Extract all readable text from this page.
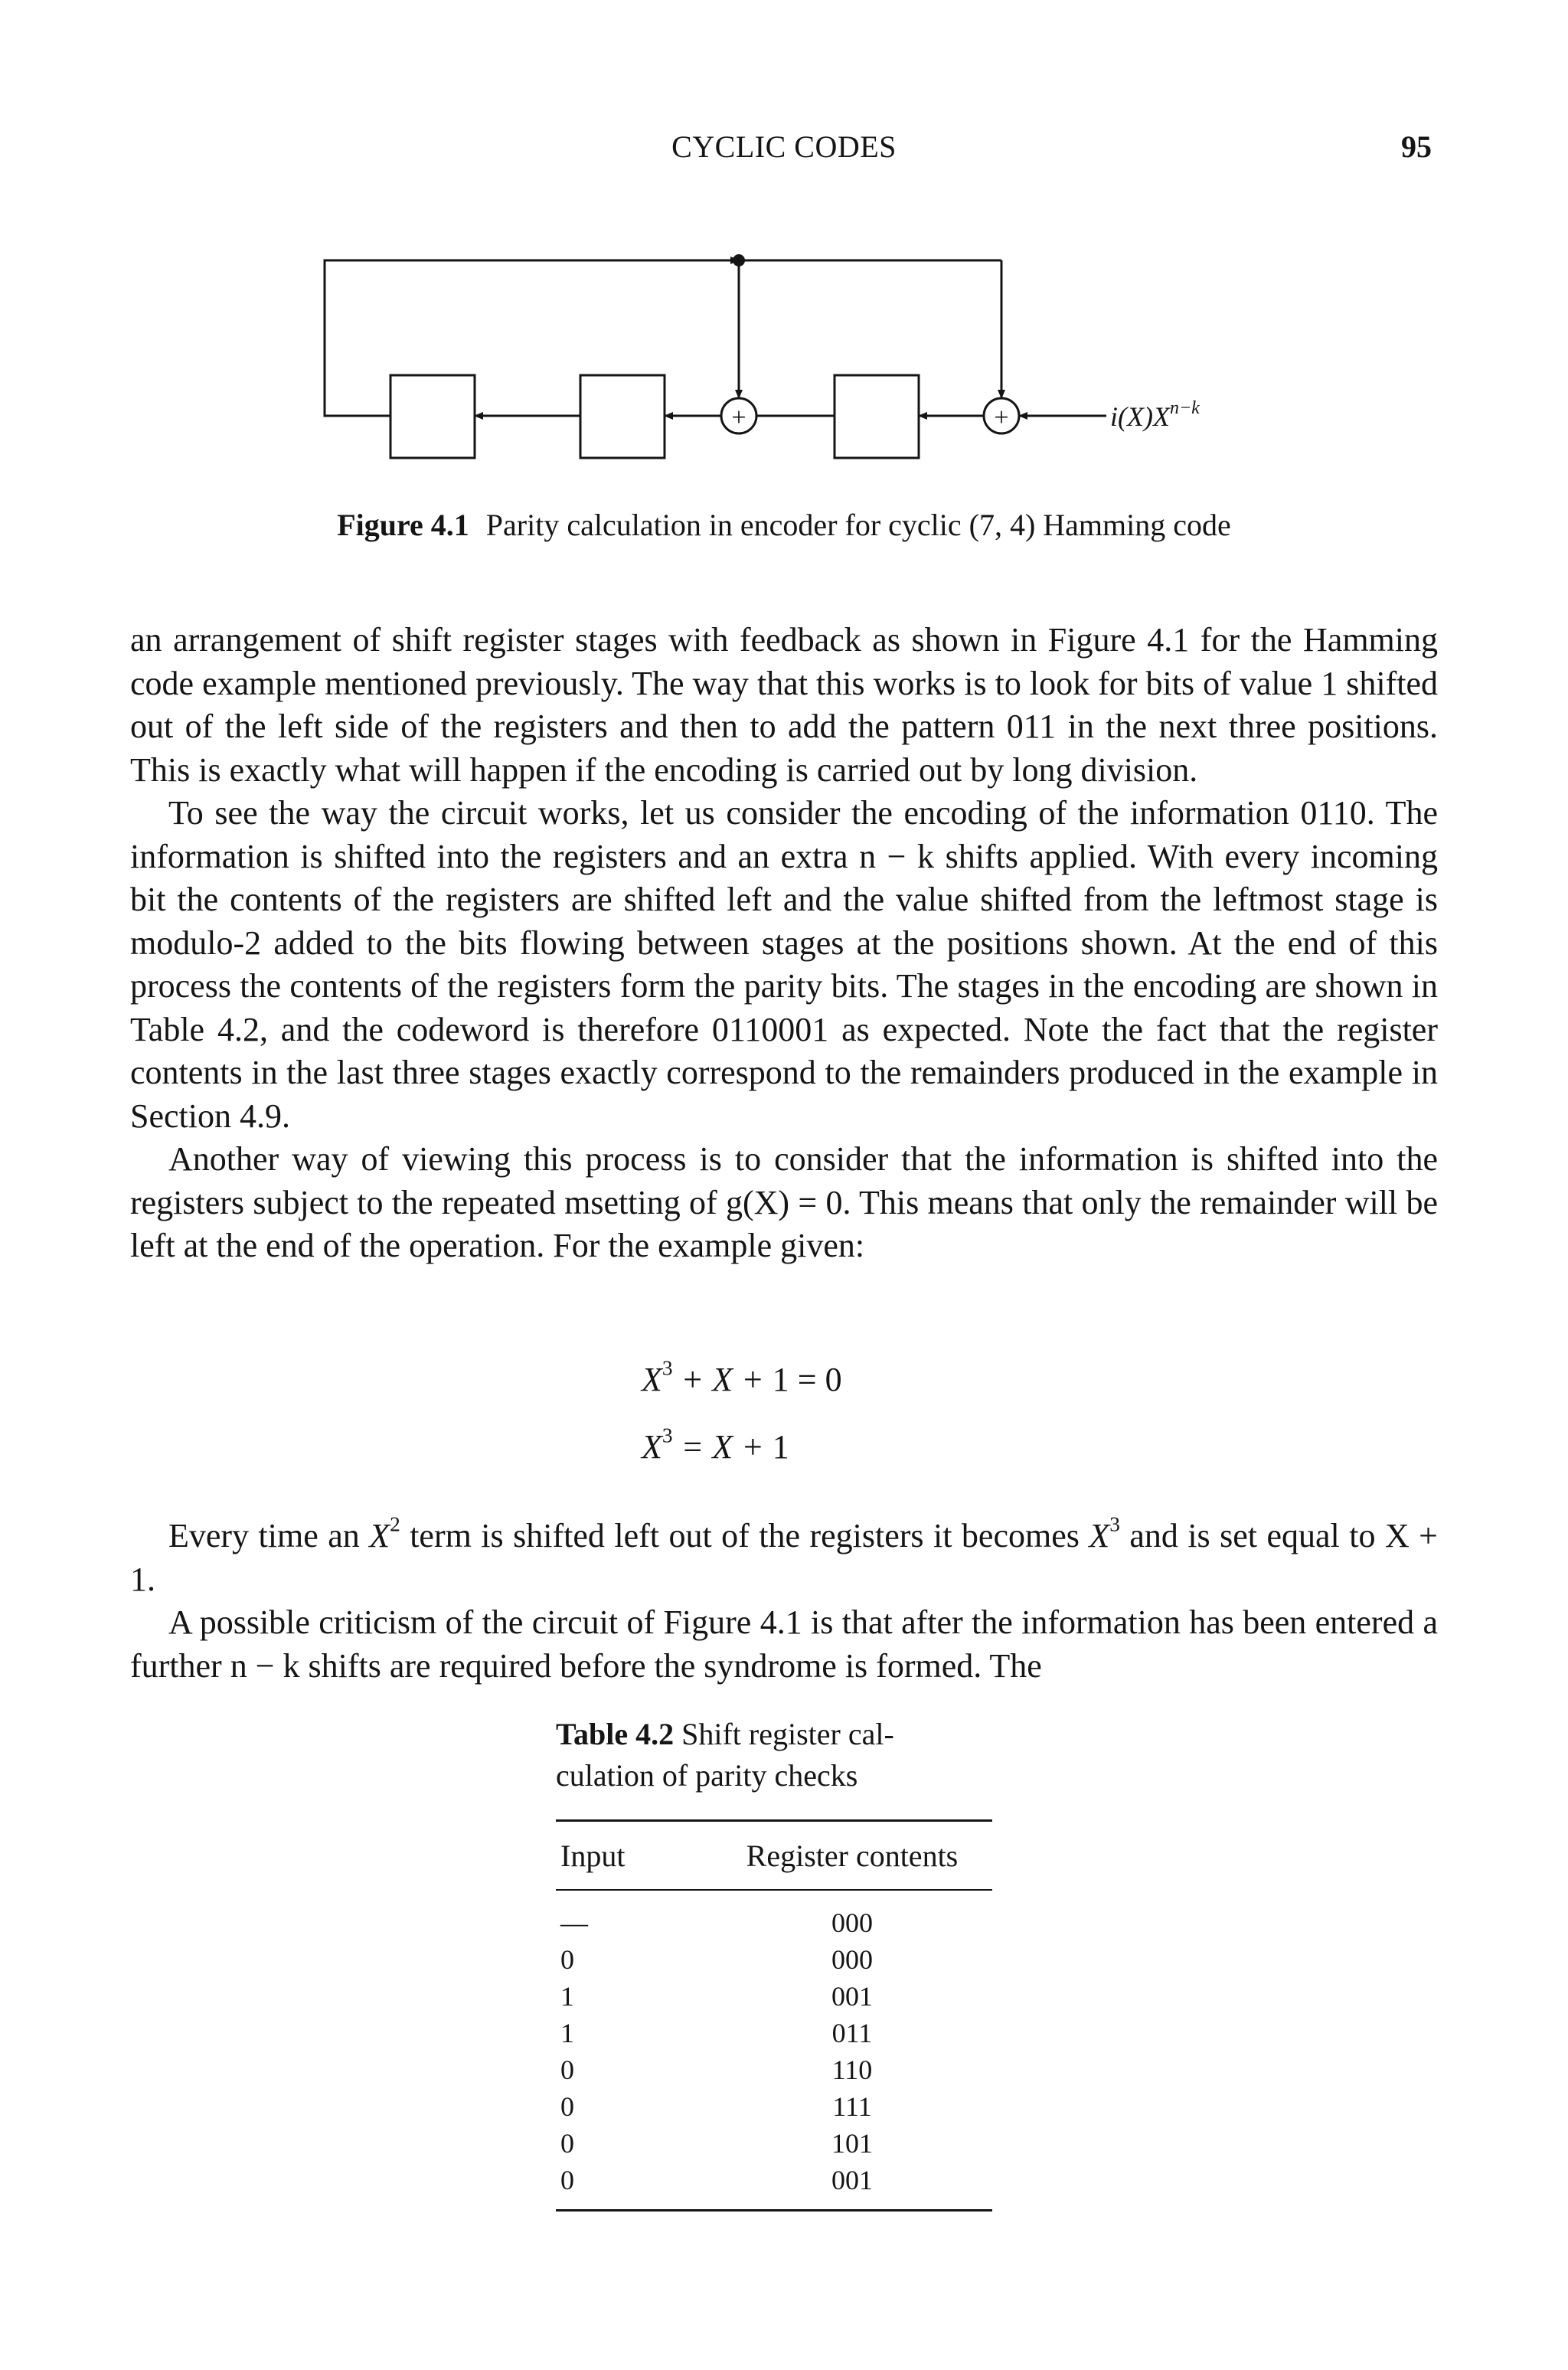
CYCLIC CODES	95
+	+	$i(X)X^{n-k}$
Figure 4.1 Parity calculation in encoder for cyclic (7, 4) Hamming code

an arrangement of shift register stages with feedback as shown in Figure 4.1 for the Hamming code example mentioned previously. The way that this works is to look for bits of value 1 shifted out of the left side of the registers and then to add the pattern 011 in the next three positions. This is exactly what will happen if the encoding is carried out by long division.

To see the way the circuit works, let us consider the encoding of the information 0110. The information is shifted into the registers and an extra n − k shifts applied. With every incoming bit the contents of the registers are shifted left and the value shifted from the leftmost stage is modulo-2 added to the bits flowing between stages at the positions shown. At the end of this process the contents of the registers form the parity bits. The stages in the encoding are shown in Table 4.2, and the codeword is therefore 0110001 as expected. Note the fact that the register contents in the last three stages exactly correspond to the remainders produced in the example in Section 4.9.

Another way of viewing this process is to consider that the information is shifted into the registers subject to the repeated msetting of g(X) = 0. This means that only the remainder will be left at the end of the operation. For the example given:

$X^3 + X + 1 = 0$
$X^3 = X + 1$

Every time an $X^2$ term is shifted left out of the registers it becomes $X^3$ and is set equal to X + 1.

A possible criticism of the circuit of Figure 4.1 is that after the information has been entered a further n − k shifts are required before the syndrome is formed. The

Table 4.2 Shift register cal-
culation of parity checks
Input	Register contents
—	000
0	000
1	001
1	011
0	110
0	111
0	101
0	001
